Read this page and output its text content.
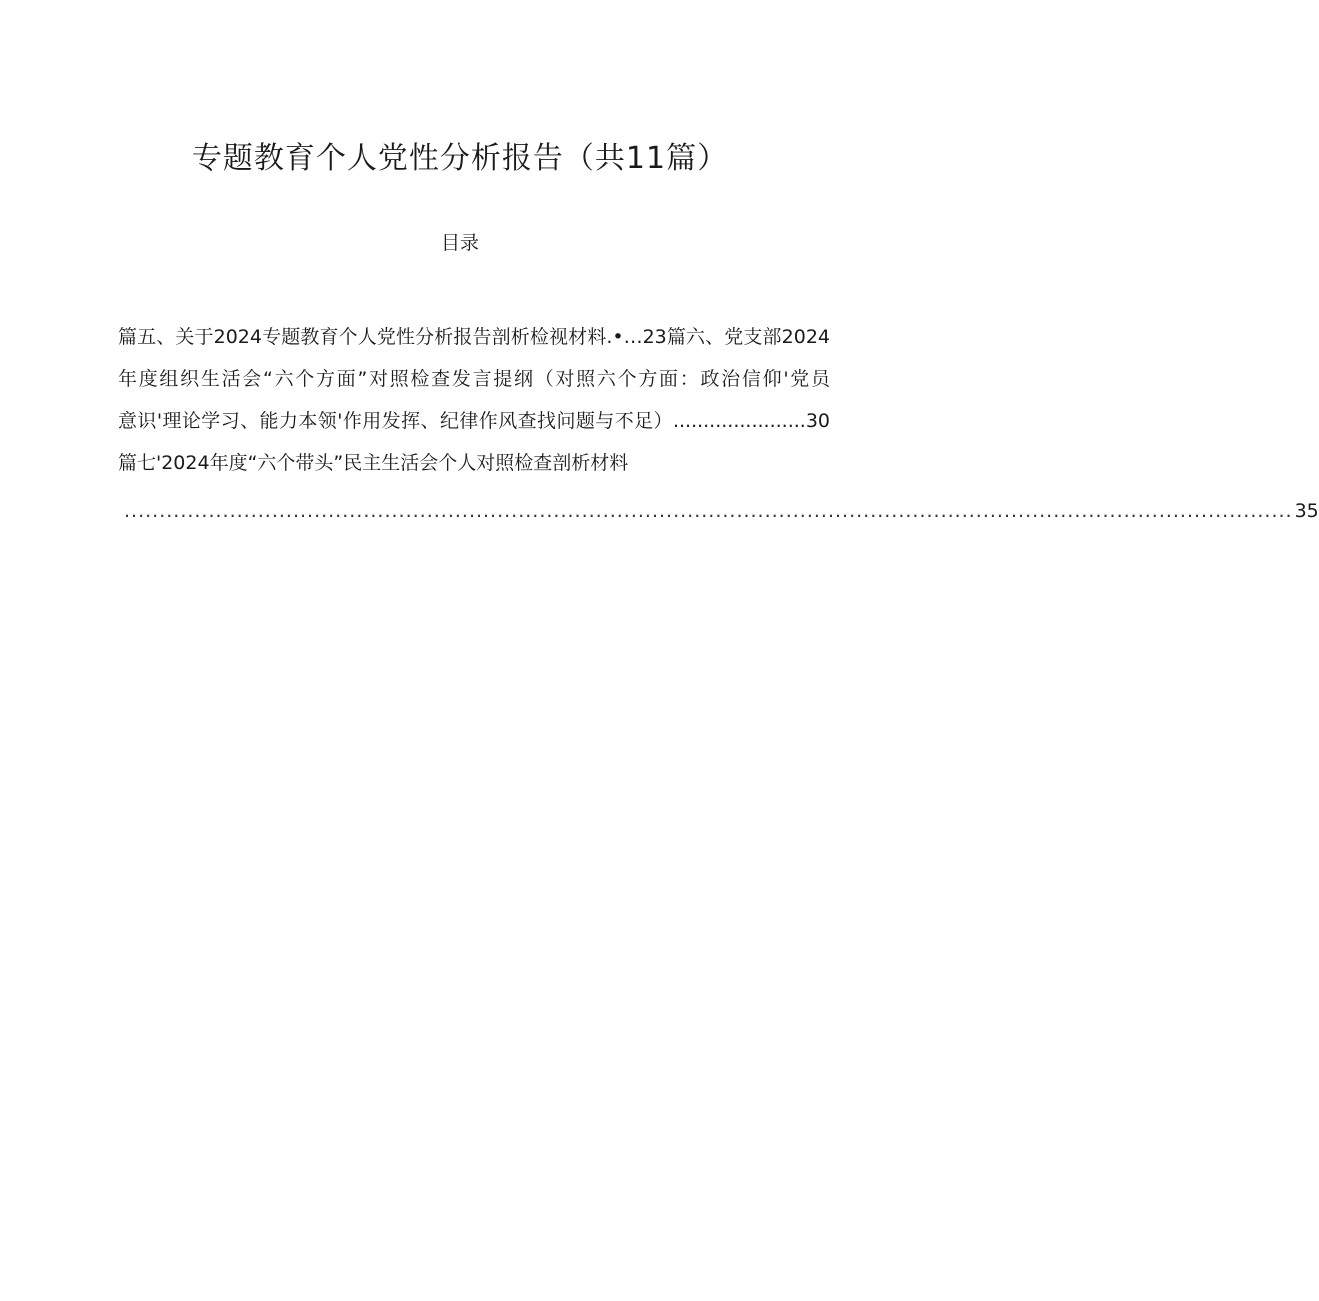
专题教育个人党性分析报告（共11篇）
目录
篇五、关于2024专题教育个人党性分析报告剖析检视材料.•…23篇六、党支部2024
年度组织生活会“六个方面”对照检查发言提纲（对照六个方面：政治信仰'党员
意识'理论学习、能力本领'作用发挥、纪律作风查找问题与不足）......................30
篇七'2024年度“六个带头”民主生活会个人对照检查剖析材料
...................................................................................................................................................................... 35
